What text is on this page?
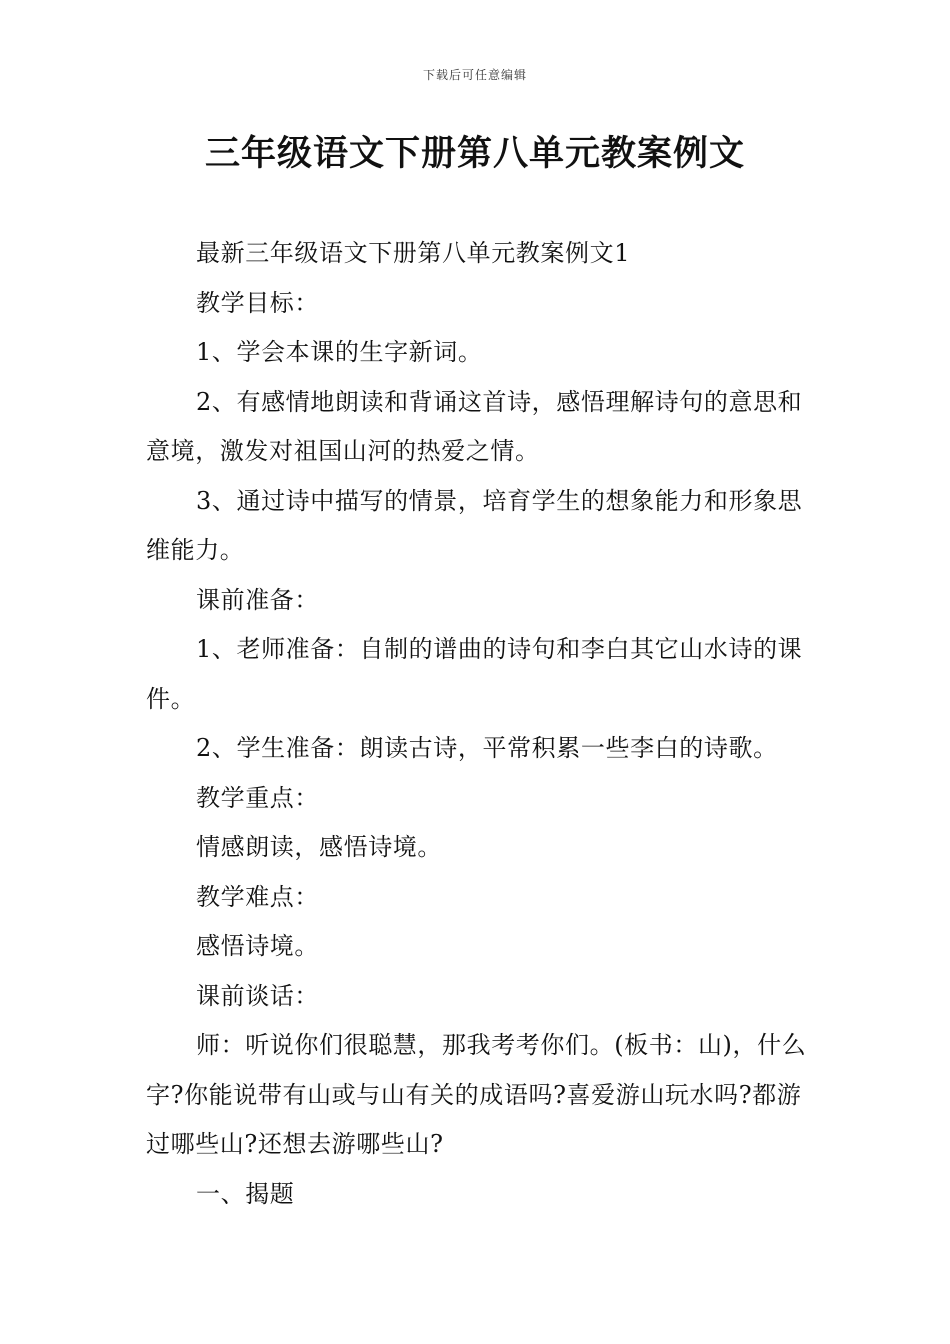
下载后可任意编辑
三年级语文下册第八单元教案例文

最新三年级语文下册第八单元教案例文1

教学目标：

1、学会本课的生字新词。

2、有感情地朗读和背诵这首诗，感悟理解诗句的意思和意境，激发对祖国山河的热爱之情。

3、通过诗中描写的情景，培育学生的想象能力和形象思维能力。

课前准备：

1、老师准备：自制的谱曲的诗句和李白其它山水诗的课件。

2、学生准备：朗读古诗，平常积累一些李白的诗歌。

教学重点：

情感朗读，感悟诗境。

教学难点：

感悟诗境。

课前谈话：

师：听说你们很聪慧，那我考考你们。(板书：山)，什么字?你能说带有山或与山有关的成语吗?喜爱游山玩水吗?都游过哪些山?还想去游哪些山?

一、揭题
